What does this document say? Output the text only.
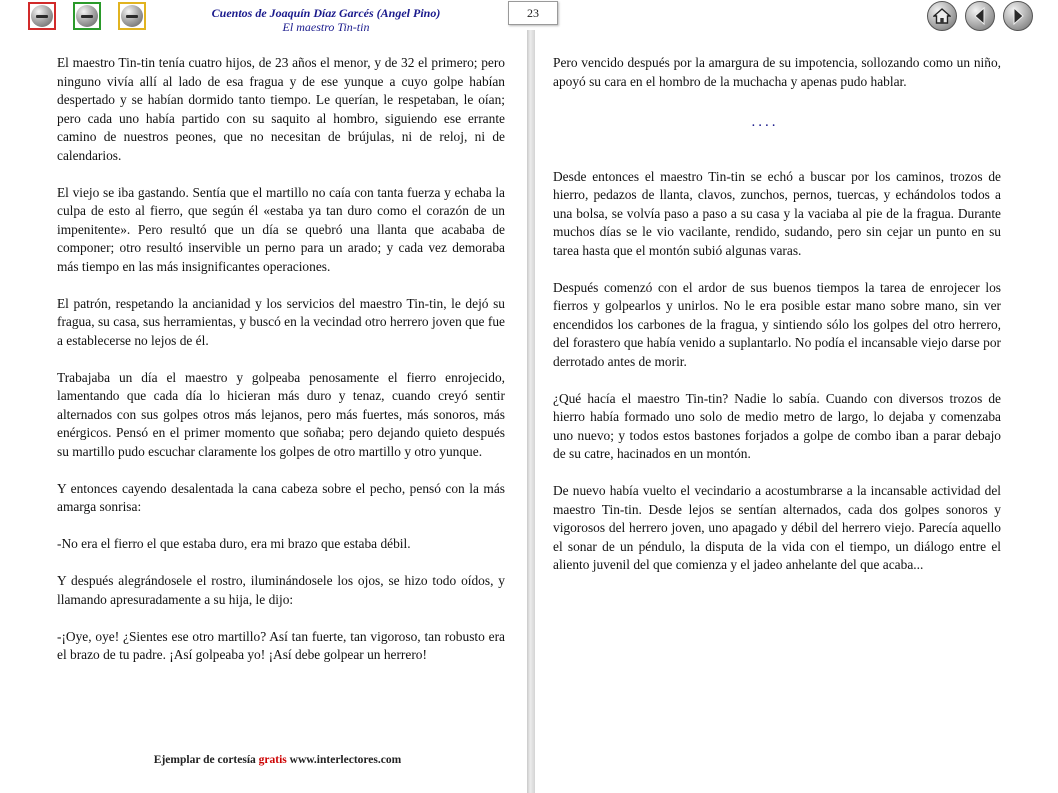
Cuentos de Joaquín Díaz Garcés (Angel Pino)
El maestro Tin-tin
23

El maestro Tin-tin tenía cuatro hijos, de 23 años el menor, y de 32 el primero; pero ninguno vivía allí al lado de esa fragua y de ese yunque a cuyo golpe habían despertado y se habían dormido tanto tiempo. Le querían, le respetaban, le oían; pero cada uno había partido con su saquito al hombro, siguiendo ese errante camino de nuestros peones, que no necesitan de brújulas, ni de reloj, ni de calendarios.

El viejo se iba gastando. Sentía que el martillo no caía con tanta fuerza y echaba la culpa de esto al fierro, que según él «estaba ya tan duro como el corazón de un impenitente». Pero resultó que un día se quebró una llanta que acababa de componer; otro resultó inservible un perno para un arado; y cada vez demoraba más tiempo en las más insignificantes operaciones.

El patrón, respetando la ancianidad y los servicios del maestro Tin-tin, le dejó su fragua, su casa, sus herramientas, y buscó en la vecindad otro herrero joven que fue a establecerse no lejos de él.

Trabajaba un día el maestro y golpeaba penosamente el fierro enrojecido, lamentando que cada día lo hicieran más duro y tenaz, cuando creyó sentir alternados con sus golpes otros más lejanos, pero más fuertes, más sonoros, más enérgicos. Pensó en el primer momento que soñaba; pero dejando quieto después su martillo pudo escuchar claramente los golpes de otro martillo y otro yunque.

Y entonces cayendo desalentada la cana cabeza sobre el pecho, pensó con la más amarga sonrisa:

-No era el fierro el que estaba duro, era mi brazo que estaba débil.

Y después alegrándosele el rostro, iluminándosele los ojos, se hizo todo oídos, y llamando apresuradamente a su hija, le dijo:

-¡Oye, oye! ¿Sientes ese otro martillo? Así tan fuerte, tan vigoroso, tan robusto era el brazo de tu padre. ¡Así golpeaba yo! ¡Así debe golpear un herrero!

Pero vencido después por la amargura de su impotencia, sollozando como un niño, apoyó su cara en el hombro de la muchacha y apenas pudo hablar.

....

Desde entonces el maestro Tin-tin se echó a buscar por los caminos, trozos de hierro, pedazos de llanta, clavos, zunchos, pernos, tuercas, y echándolos todos a una bolsa, se volvía paso a paso a su casa y la vaciaba al pie de la fragua. Durante muchos días se le vio vacilante, rendido, sudando, pero sin cejar un punto en su tarea hasta que el montón subió algunas varas.

Después comenzó con el ardor de sus buenos tiempos la tarea de enrojecer los fierros y golpearlos y unirlos. No le era posible estar mano sobre mano, sin ver encendidos los carbones de la fragua, y sintiendo sólo los golpes del otro herrero, del forastero que había venido a suplantarlo. No podía el incansable viejo darse por derrotado antes de morir.

¿Qué hacía el maestro Tin-tin? Nadie lo sabía. Cuando con diversos trozos de hierro había formado uno solo de medio metro de largo, lo dejaba y comenzaba uno nuevo; y todos estos bastones forjados a golpe de combo iban a parar debajo de su catre, hacinados en un montón.

De nuevo había vuelto el vecindario a acostumbrarse a la incansable actividad del maestro Tin-tin. Desde lejos se sentían alternados, cada dos golpes sonoros y vigorosos del herrero joven, uno apagado y débil del herrero viejo. Parecía aquello el sonar de un péndulo, la disputa de la vida con el tiempo, un diálogo entre el aliento juvenil del que comienza y el jadeo anhelante del que acaba...

Ejemplar de cortesía gratis www.interlectores.com
